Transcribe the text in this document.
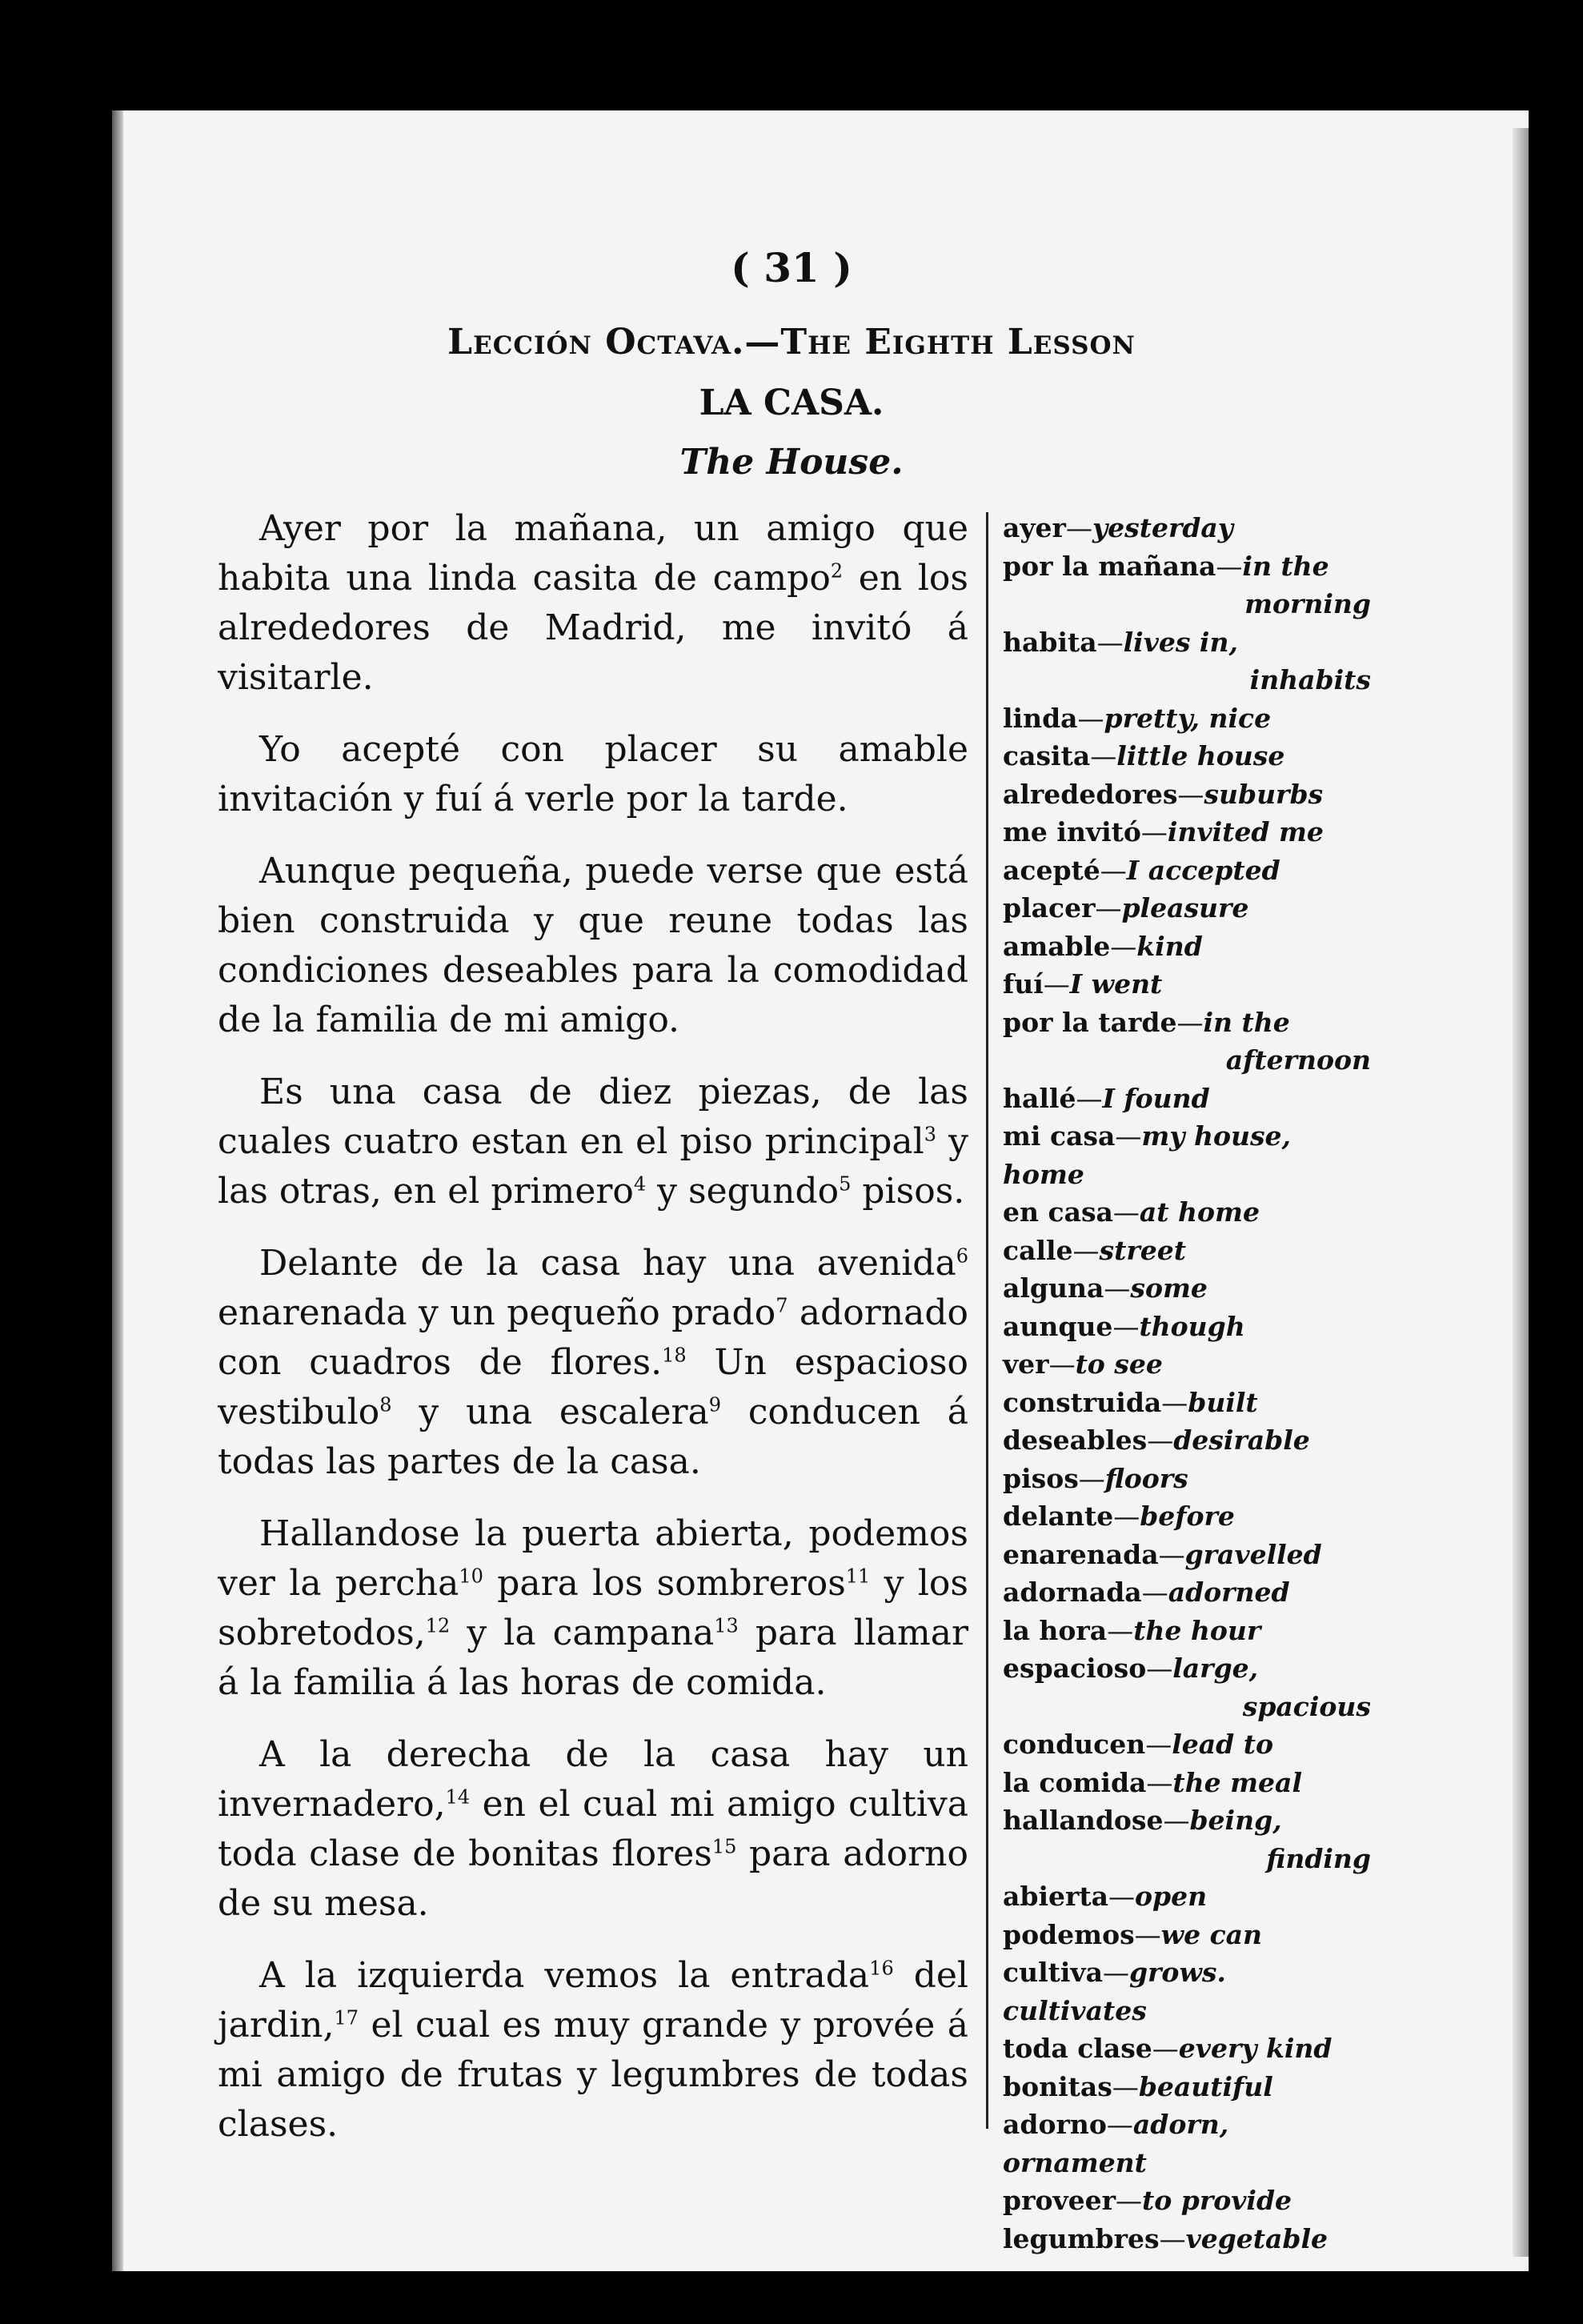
( 31 )
Lección Octava.—The Eighth Lesson
LA CASA.
The House.

Ayer por la mañana, un amigo que habita una linda casita de campo$^2$ en los alrededores de Madrid, me invitó á visitarle.

Yo acepté con placer su amable invitación y fuí á verle por la tarde.

Aunque pequeña, puede verse que está bien construida y que reune todas las condiciones deseables para la comodidad de la familia de mi amigo.

Es una casa de diez piezas, de las cuales cuatro estan en el piso principal$^3$ y las otras, en el primero$^4$ y segundo$^5$ pisos.

Delante de la casa hay una avenida$^6$ enarenada y un pequeño prado$^7$ adornado con cuadros de flores.$^{18}$ Un espacioso vestibulo$^8$ y una escalera$^9$ conducen á todas las partes de la casa.

Hallandose la puerta abierta, podemos ver la percha$^{10}$ para los sombreros$^{11}$ y los sobretodos,$^{12}$ y la campana$^{13}$ para llamar á la familia á las horas de comida.

A la derecha de la casa hay un invernadero,$^{14}$ en el cual mi amigo cultiva toda clase de bonitas flores$^{15}$ para adorno de su mesa.

A la izquierda vemos la entrada$^{16}$ del jardin,$^{17}$ el cual es muy grande y provée á mi amigo de frutas y legumbres de todas clases.

ayer—yesterday
por la mañana—in the
morning
habita—lives in,
inhabits
linda—pretty, nice
casita—little house
alrededores—suburbs
me invitó—invited me
acepté—I accepted
placer—pleasure
amable—kind
fuí—I went
por la tarde—in the
afternoon
hallé—I found
mi casa—my house, home
en casa—at home
calle—street
alguna—some
aunque—though
ver—to see
construida—built
deseables—desirable
pisos—floors
delante—before
enarenada—gravelled
adornada—adorned
la hora—the hour
espacioso—large,
spacious
conducen—lead to
la comida—the meal
hallandose—being,
finding
abierta—open
podemos—we can
cultiva—grows. cultivates
toda clase—every kind
bonitas—beautiful
adorno—adorn, ornament
proveer—to provide
legumbres—vegetable
